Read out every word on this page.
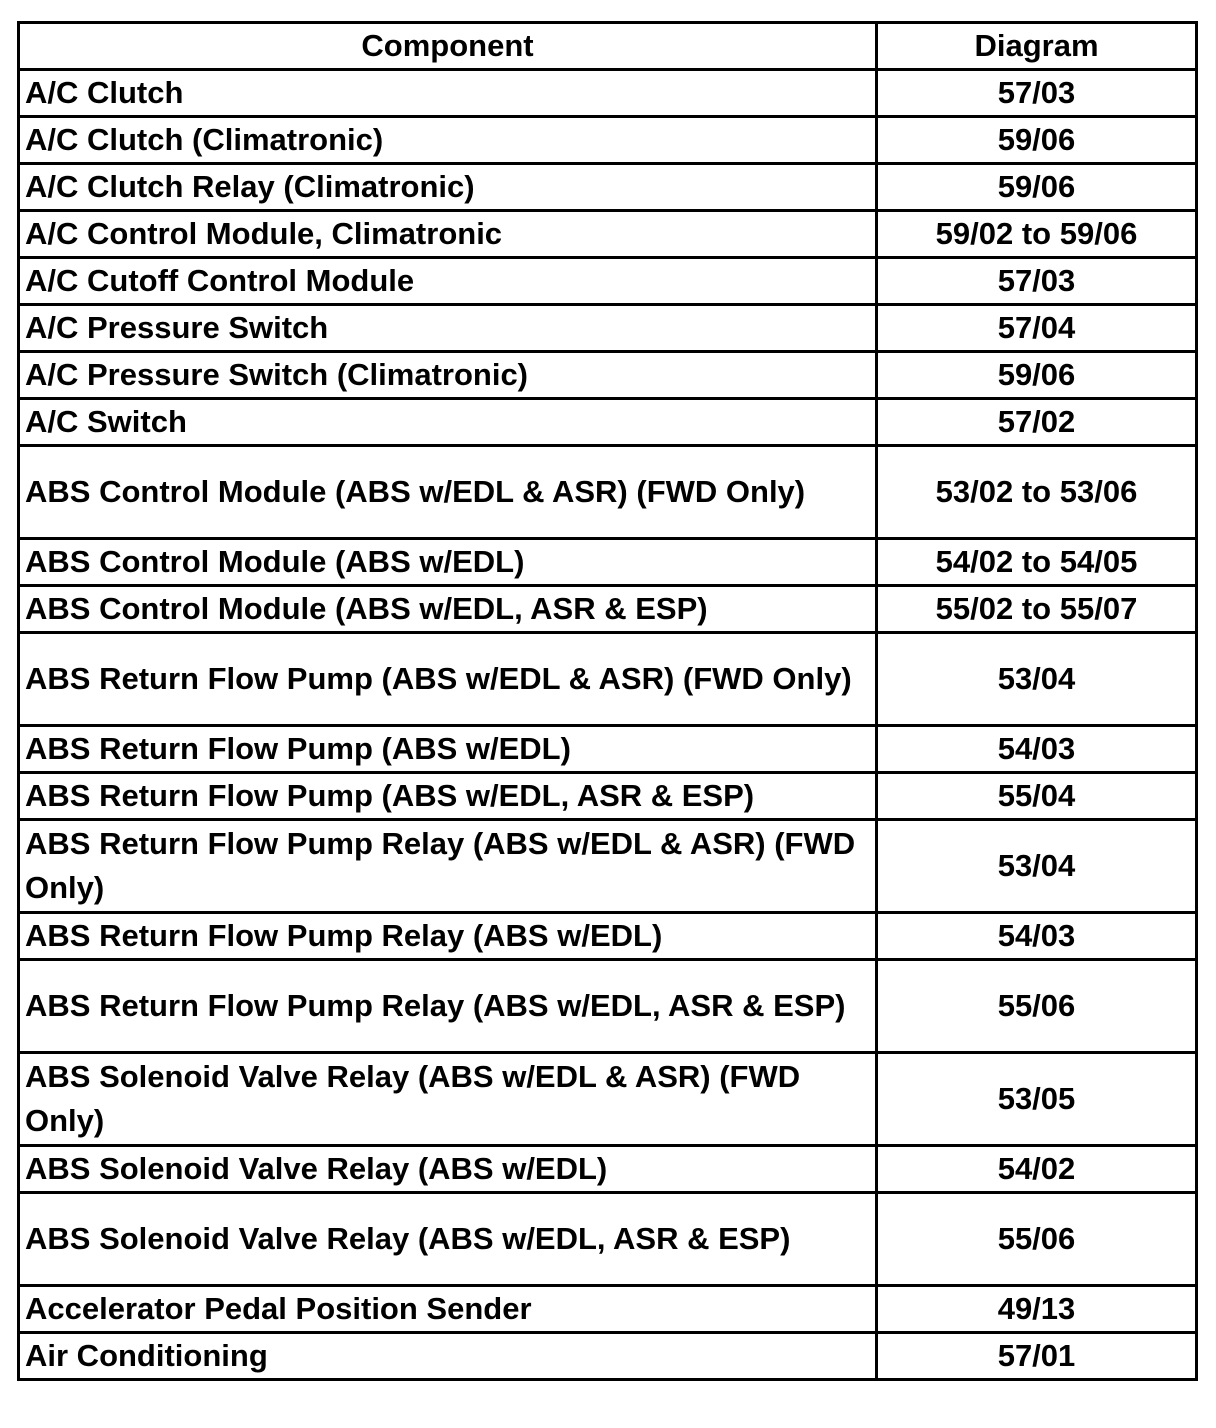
Component	Diagram
A/C Clutch	57/03
A/C Clutch (Climatronic)	59/06
A/C Clutch Relay (Climatronic)	59/06
A/C Control Module, Climatronic	59/02 to 59/06
A/C Cutoff Control Module	57/03
A/C Pressure Switch	57/04
A/C Pressure Switch (Climatronic)	59/06
A/C Switch	57/02
ABS Control Module (ABS w/EDL & ASR) (FWD Only)	53/02 to 53/06
ABS Control Module (ABS w/EDL)	54/02 to 54/05
ABS Control Module (ABS w/EDL, ASR & ESP)	55/02 to 55/07
ABS Return Flow Pump (ABS w/EDL & ASR) (FWD Only)	53/04
ABS Return Flow Pump (ABS w/EDL)	54/03
ABS Return Flow Pump (ABS w/EDL, ASR & ESP)	55/04
ABS Return Flow Pump Relay (ABS w/EDL & ASR) (FWD Only)	53/04
ABS Return Flow Pump Relay (ABS w/EDL)	54/03
ABS Return Flow Pump Relay (ABS w/EDL, ASR & ESP)	55/06
ABS Solenoid Valve Relay (ABS w/EDL & ASR) (FWD Only)	53/05
ABS Solenoid Valve Relay (ABS w/EDL)	54/02
ABS Solenoid Valve Relay (ABS w/EDL, ASR & ESP)	55/06
Accelerator Pedal Position Sender	49/13
Air Conditioning	57/01
